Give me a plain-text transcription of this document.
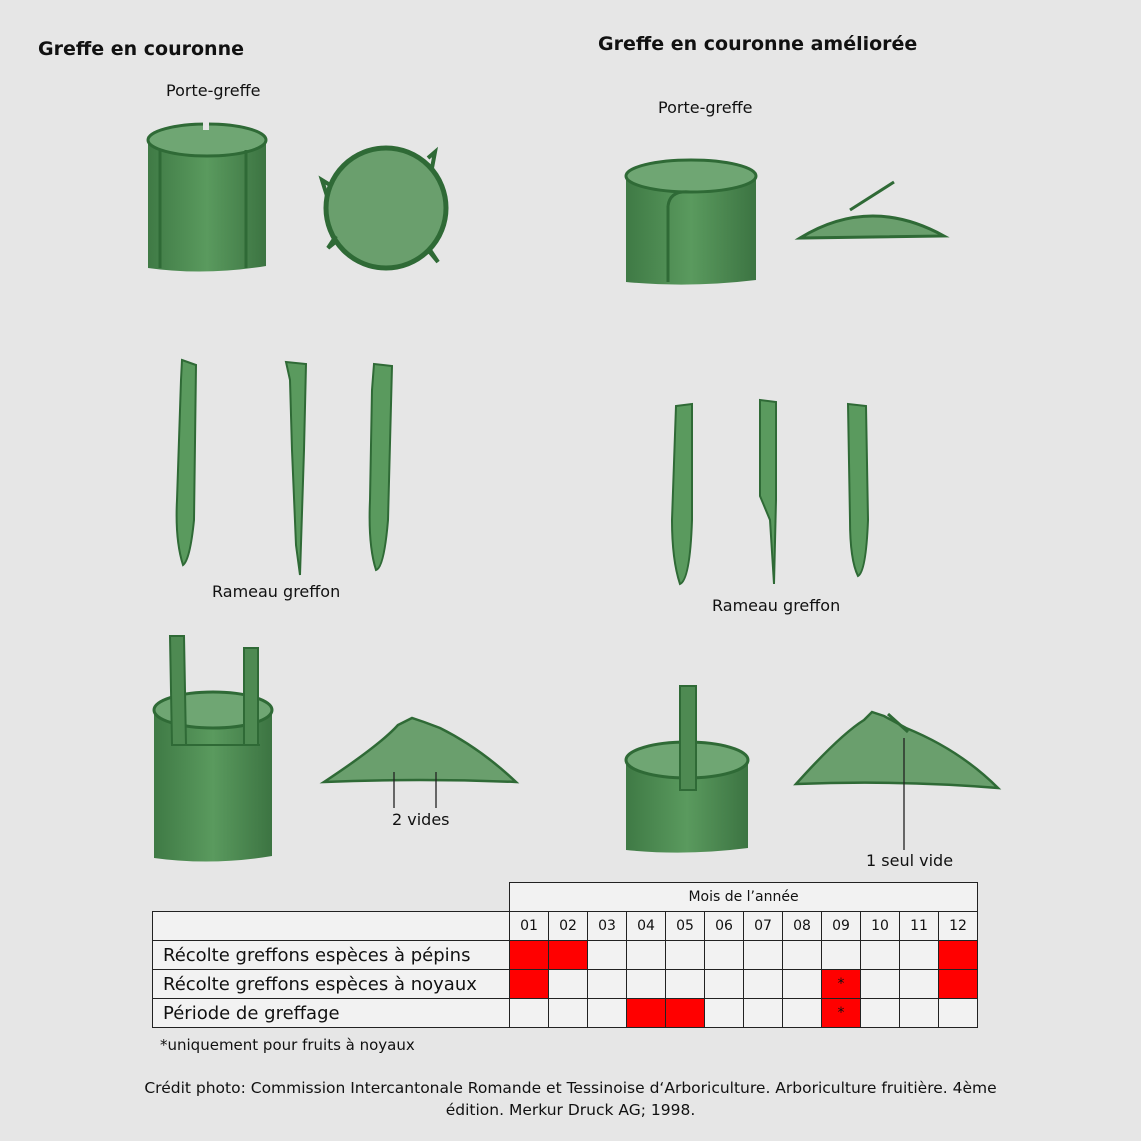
Greffe en couronne	Greffe en couronne améliorée
Porte-greffe
Porte-greffe
Rameau greffon
Rameau greffon
2 vides
1 seul vide
	Mois de l’année											
	01	02	03	04	05	06	07	08	09	10	11	12
Récolte greffons espèces à pépins												
Récolte greffons espèces à noyaux									*			
Période de greffage									*			
*uniquement pour fruits à noyaux
Crédit photo: Commission Intercantonale Romande et Tessinoise d‘Arboriculture. Arboriculture fruitière. 4ème
édition. Merkur Druck AG; 1998.
